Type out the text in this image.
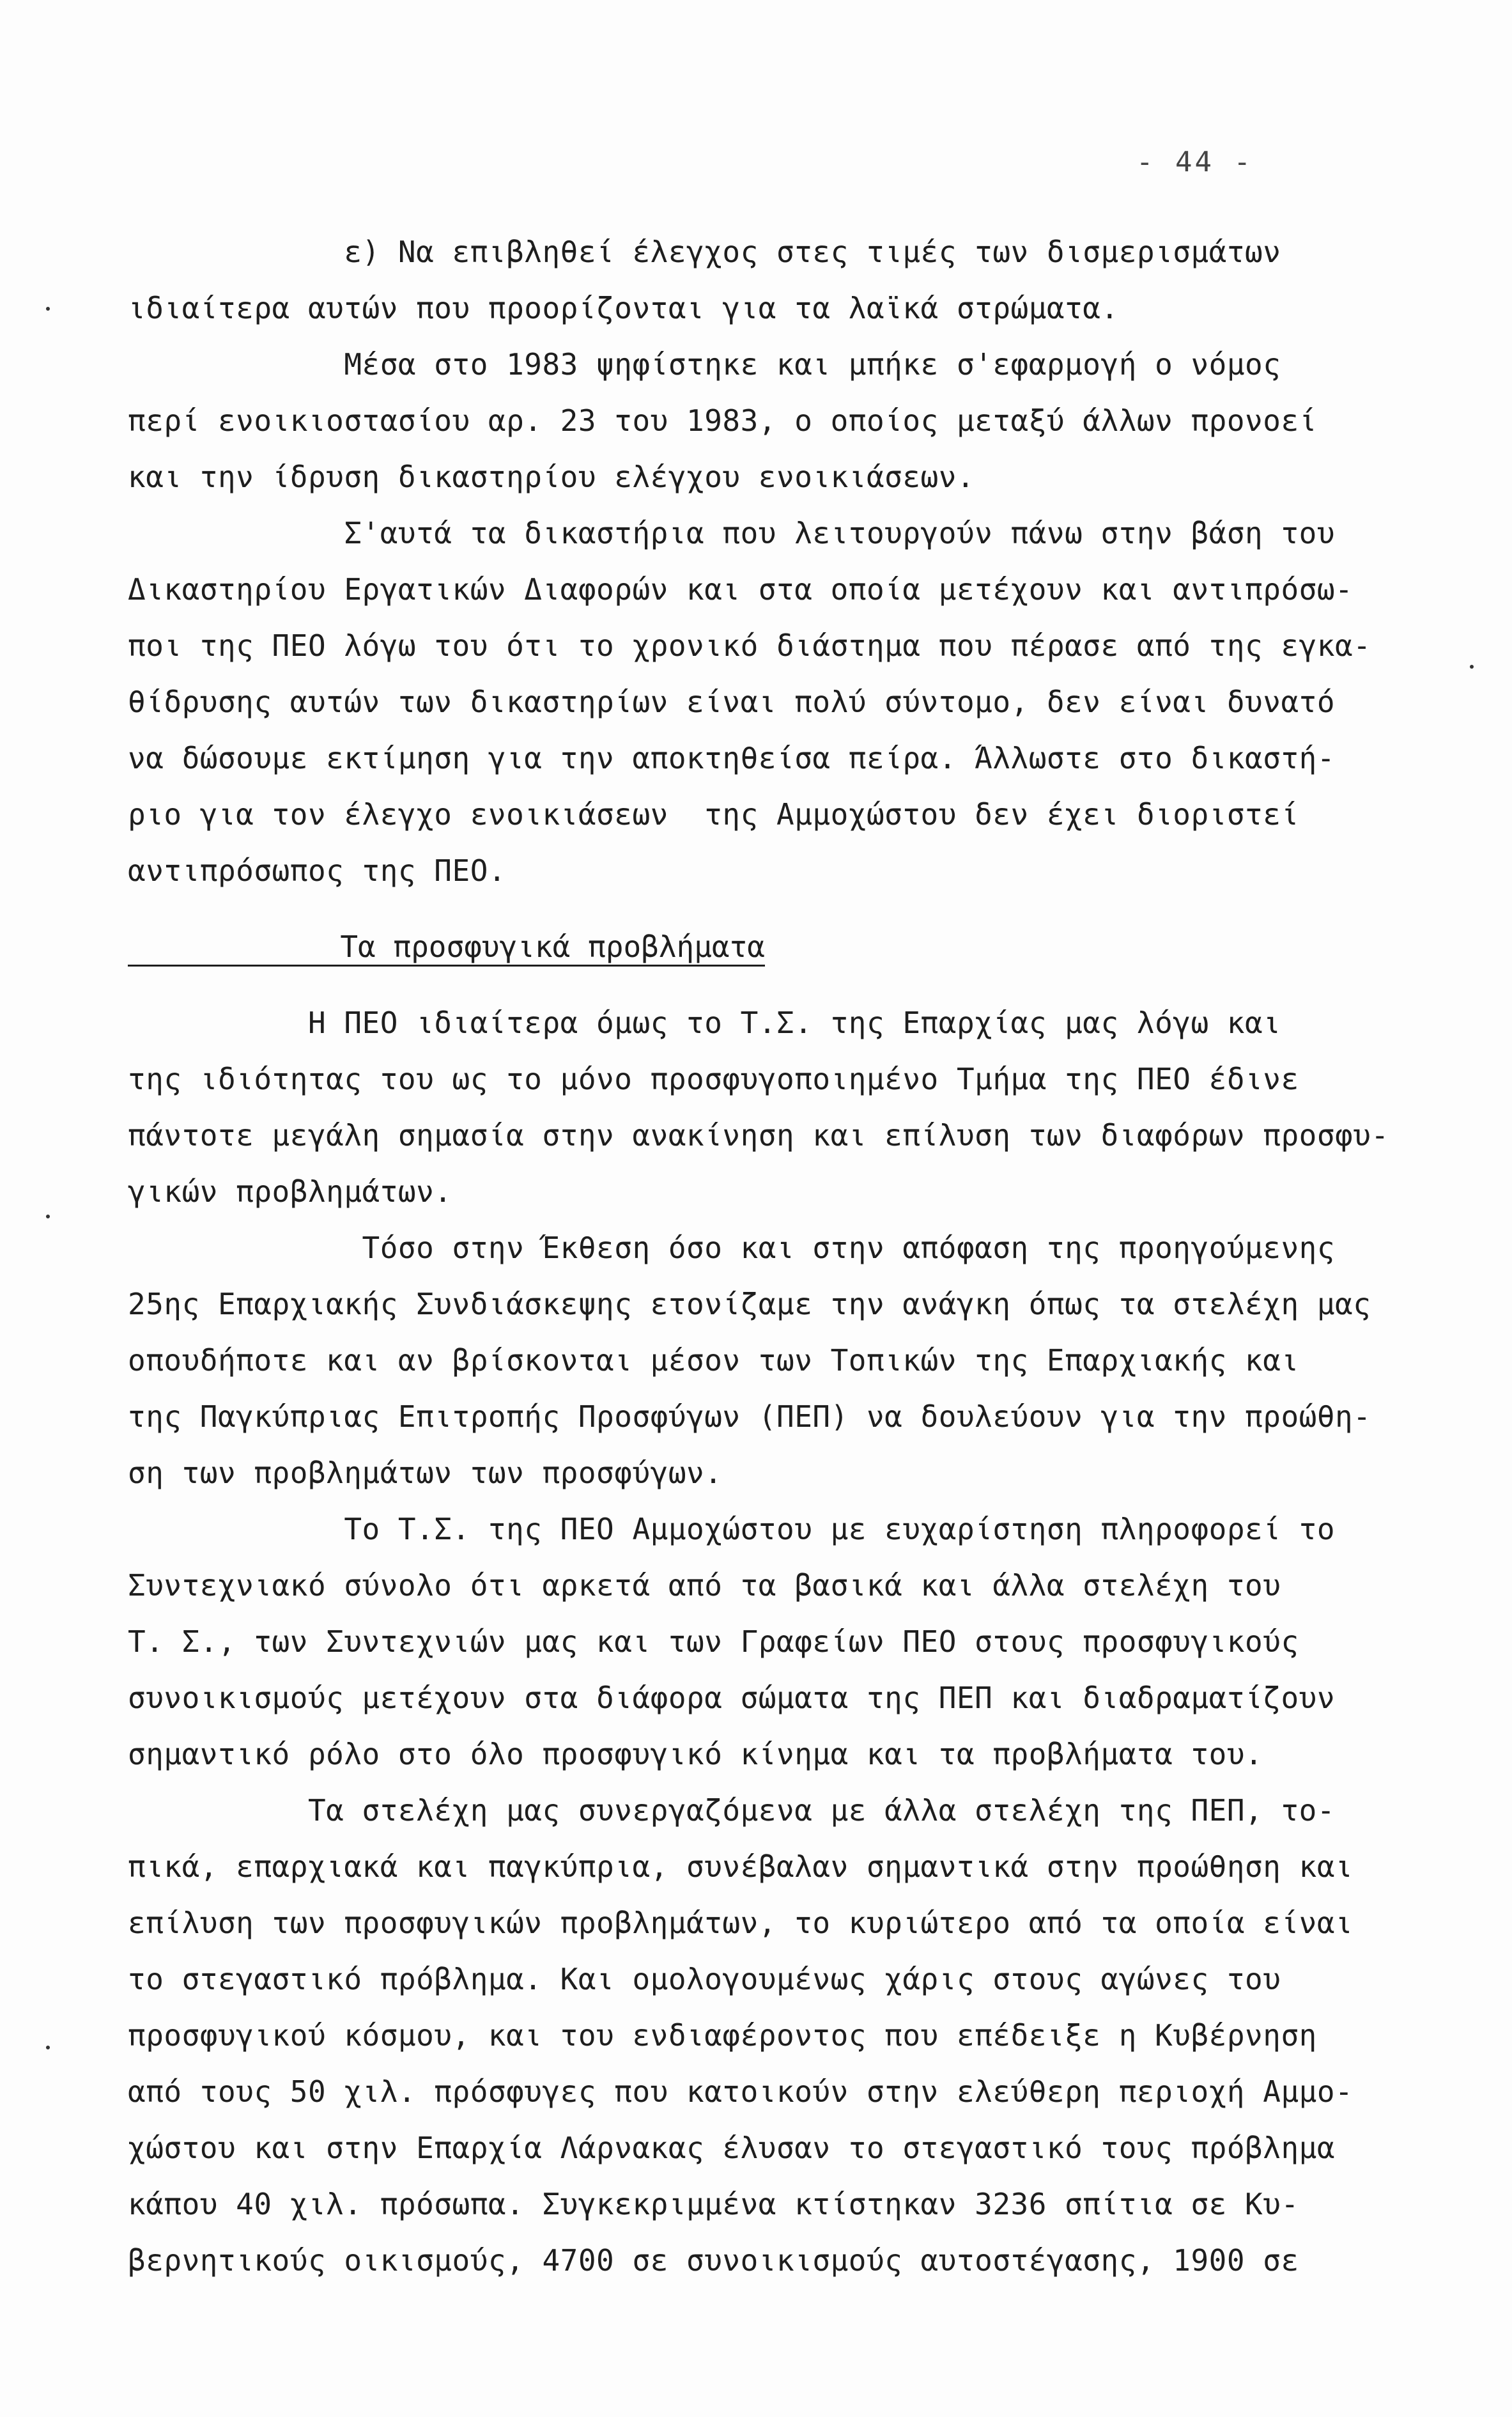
- 44 -
ε) Να επιβληθεί έλεγχος στες τιμές των δισμερισμάτων
ιδιαίτερα αυτών που προορίζονται για τα λαϊκά στρώματα.
Μέσα στο 1983 ψηφίστηκε και μπήκε σ'εφαρμογή ο νόμος
περί ενοικιοστασίου αρ. 23 του 1983, ο οποίος μεταξύ άλλων προνοεί
και την ίδρυση δικαστηρίου ελέγχου ενοικιάσεων.
Σ'αυτά τα δικαστήρια που λειτουργούν πάνω στην βάση του
Δικαστηρίου Εργατικών Διαφορών και στα οποία μετέχουν και αντιπρόσω-
ποι της ΠΕΟ λόγω του ότι το χρονικό διάστημα που πέρασε από της εγκα-
θίδρυσης αυτών των δικαστηρίων είναι πολύ σύντομο, δεν είναι δυνατό
να δώσουμε εκτίμηση για την αποκτηθείσα πείρα. Άλλωστε στο δικαστή-
ριο για τον έλεγχο ενοικιάσεων  της Αμμοχώστου δεν έχει διοριστεί
αντιπρόσωπος της ΠΕΟ.
Τα προσφυγικά προβλήματα
Η ΠΕΟ ιδιαίτερα όμως το Τ.Σ. της Επαρχίας μας λόγω και
της ιδιότητας του ως το μόνο προσφυγοποιημένο Τμήμα της ΠΕΟ έδινε
πάντοτε μεγάλη σημασία στην ανακίνηση και επίλυση των διαφόρων προσφυ-
γικών προβλημάτων.
Τόσο στην Έκθεση όσο και στην απόφαση της προηγούμενης
25ης Επαρχιακής Συνδιάσκεψης ετονίζαμε την ανάγκη όπως τα στελέχη μας
οπουδήποτε και αν βρίσκονται μέσον των Τοπικών της Επαρχιακής και
της Παγκύπριας Επιτροπής Προσφύγων (ΠΕΠ) να δουλεύουν για την προώθη-
ση των προβλημάτων των προσφύγων.
Το Τ.Σ. της ΠΕΟ Αμμοχώστου με ευχαρίστηση πληροφορεί το
Συντεχνιακό σύνολο ότι αρκετά από τα βασικά και άλλα στελέχη του
Τ. Σ., των Συντεχνιών μας και των Γραφείων ΠΕΟ στους προσφυγικούς
συνοικισμούς μετέχουν στα διάφορα σώματα της ΠΕΠ και διαδραματίζουν
σημαντικό ρόλο στο όλο προσφυγικό κίνημα και τα προβλήματα του.
Τα στελέχη μας συνεργαζόμενα με άλλα στελέχη της ΠΕΠ, το-
πικά, επαρχιακά και παγκύπρια, συνέβαλαν σημαντικά στην προώθηση και
επίλυση των προσφυγικών προβλημάτων, το κυριώτερο από τα οποία είναι
το στεγαστικό πρόβλημα. Και ομολογουμένως χάρις στους αγώνες του
προσφυγικού κόσμου, και του ενδιαφέροντος που επέδειξε η Κυβέρνηση
από τους 50 χιλ. πρόσφυγες που κατοικούν στην ελεύθερη περιοχή Αμμο-
χώστου και στην Επαρχία Λάρνακας έλυσαν το στεγαστικό τους πρόβλημα
κάπου 40 χιλ. πρόσωπα. Συγκεκριμμένα κτίστηκαν 3236 σπίτια σε Κυ-
βερνητικούς οικισμούς, 4700 σε συνοικισμούς αυτοστέγασης, 1900 σε
